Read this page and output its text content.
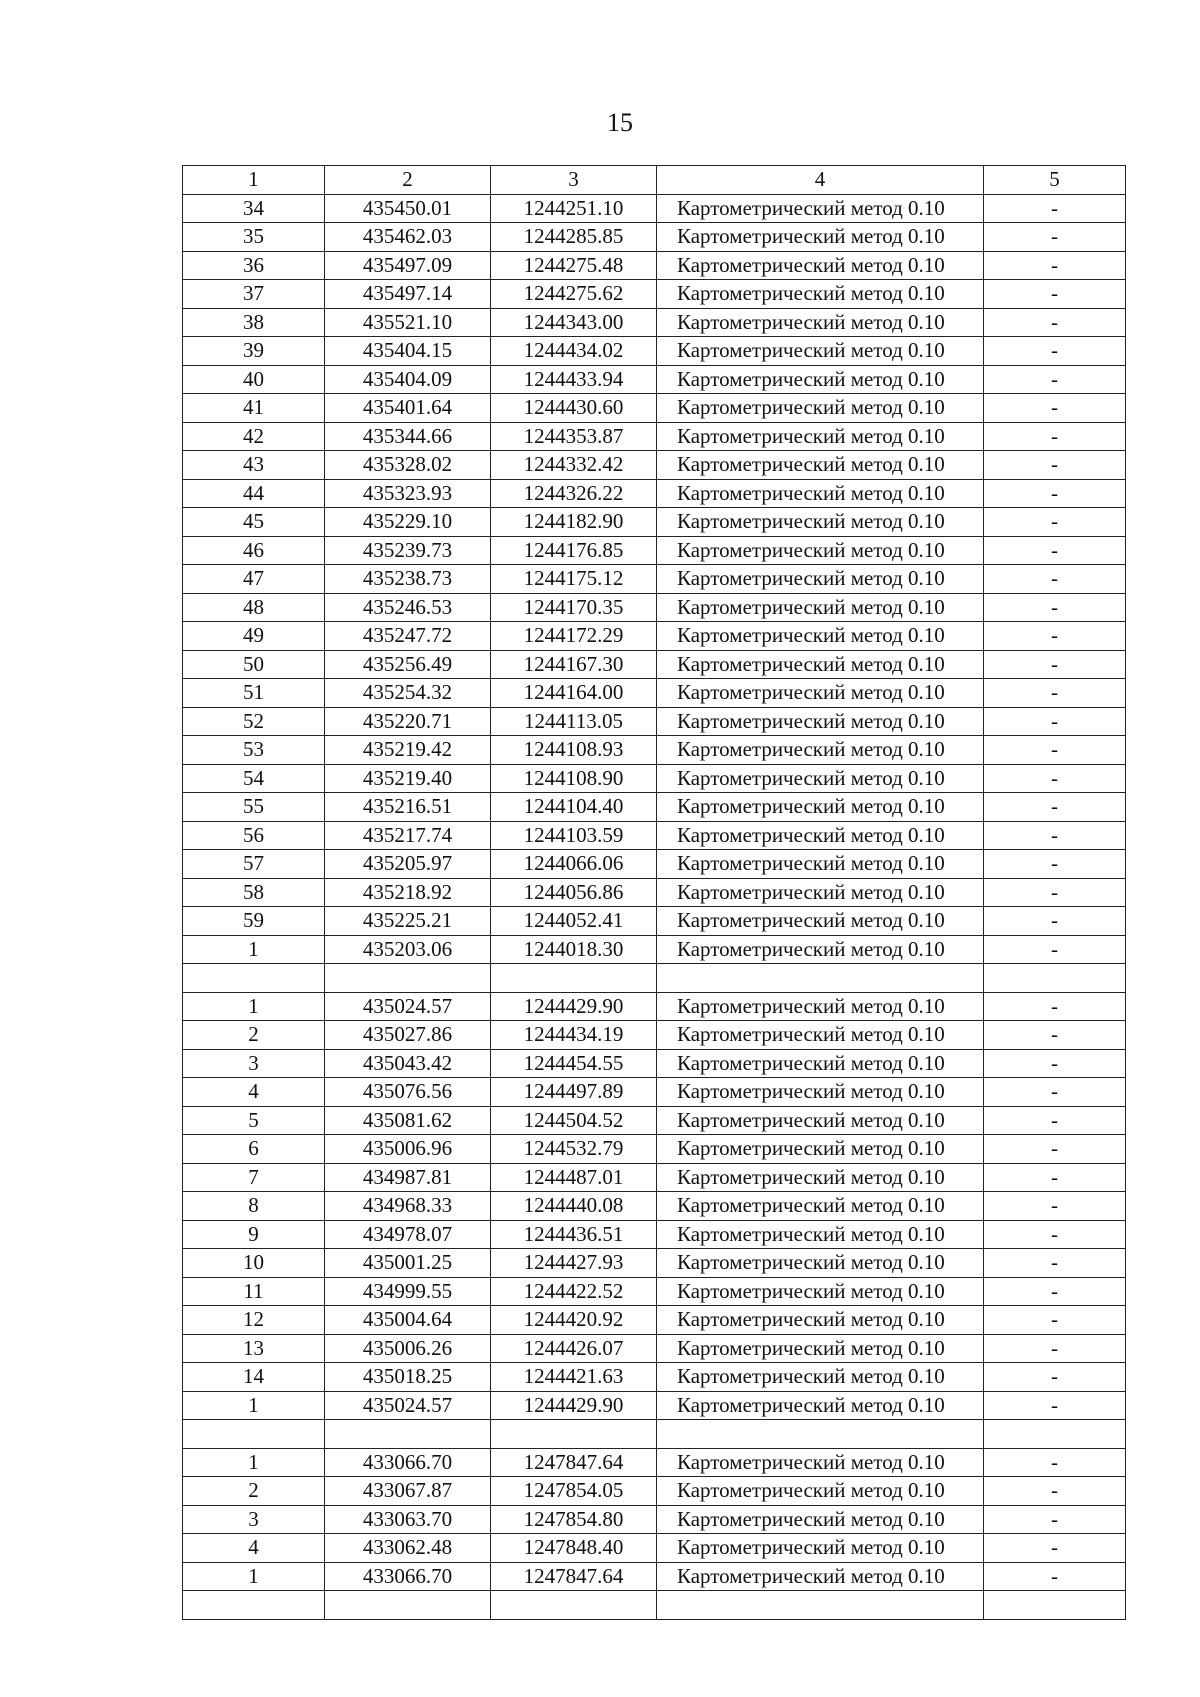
15
1	2	3	4	5
34	435450.01	1244251.10	Картометрический метод 0.10	-
35	435462.03	1244285.85	Картометрический метод 0.10	-
36	435497.09	1244275.48	Картометрический метод 0.10	-
37	435497.14	1244275.62	Картометрический метод 0.10	-
38	435521.10	1244343.00	Картометрический метод 0.10	-
39	435404.15	1244434.02	Картометрический метод 0.10	-
40	435404.09	1244433.94	Картометрический метод 0.10	-
41	435401.64	1244430.60	Картометрический метод 0.10	-
42	435344.66	1244353.87	Картометрический метод 0.10	-
43	435328.02	1244332.42	Картометрический метод 0.10	-
44	435323.93	1244326.22	Картометрический метод 0.10	-
45	435229.10	1244182.90	Картометрический метод 0.10	-
46	435239.73	1244176.85	Картометрический метод 0.10	-
47	435238.73	1244175.12	Картометрический метод 0.10	-
48	435246.53	1244170.35	Картометрический метод 0.10	-
49	435247.72	1244172.29	Картометрический метод 0.10	-
50	435256.49	1244167.30	Картометрический метод 0.10	-
51	435254.32	1244164.00	Картометрический метод 0.10	-
52	435220.71	1244113.05	Картометрический метод 0.10	-
53	435219.42	1244108.93	Картометрический метод 0.10	-
54	435219.40	1244108.90	Картометрический метод 0.10	-
55	435216.51	1244104.40	Картометрический метод 0.10	-
56	435217.74	1244103.59	Картометрический метод 0.10	-
57	435205.97	1244066.06	Картометрический метод 0.10	-
58	435218.92	1244056.86	Картометрический метод 0.10	-
59	435225.21	1244052.41	Картометрический метод 0.10	-
1	435203.06	1244018.30	Картометрический метод 0.10	-

1	435024.57	1244429.90	Картометрический метод 0.10	-
2	435027.86	1244434.19	Картометрический метод 0.10	-
3	435043.42	1244454.55	Картометрический метод 0.10	-
4	435076.56	1244497.89	Картометрический метод 0.10	-
5	435081.62	1244504.52	Картометрический метод 0.10	-
6	435006.96	1244532.79	Картометрический метод 0.10	-
7	434987.81	1244487.01	Картометрический метод 0.10	-
8	434968.33	1244440.08	Картометрический метод 0.10	-
9	434978.07	1244436.51	Картометрический метод 0.10	-
10	435001.25	1244427.93	Картометрический метод 0.10	-
11	434999.55	1244422.52	Картометрический метод 0.10	-
12	435004.64	1244420.92	Картометрический метод 0.10	-
13	435006.26	1244426.07	Картометрический метод 0.10	-
14	435018.25	1244421.63	Картометрический метод 0.10	-
1	435024.57	1244429.90	Картометрический метод 0.10	-

1	433066.70	1247847.64	Картометрический метод 0.10	-
2	433067.87	1247854.05	Картометрический метод 0.10	-
3	433063.70	1247854.80	Картометрический метод 0.10	-
4	433062.48	1247848.40	Картометрический метод 0.10	-
1	433066.70	1247847.64	Картометрический метод 0.10	-
